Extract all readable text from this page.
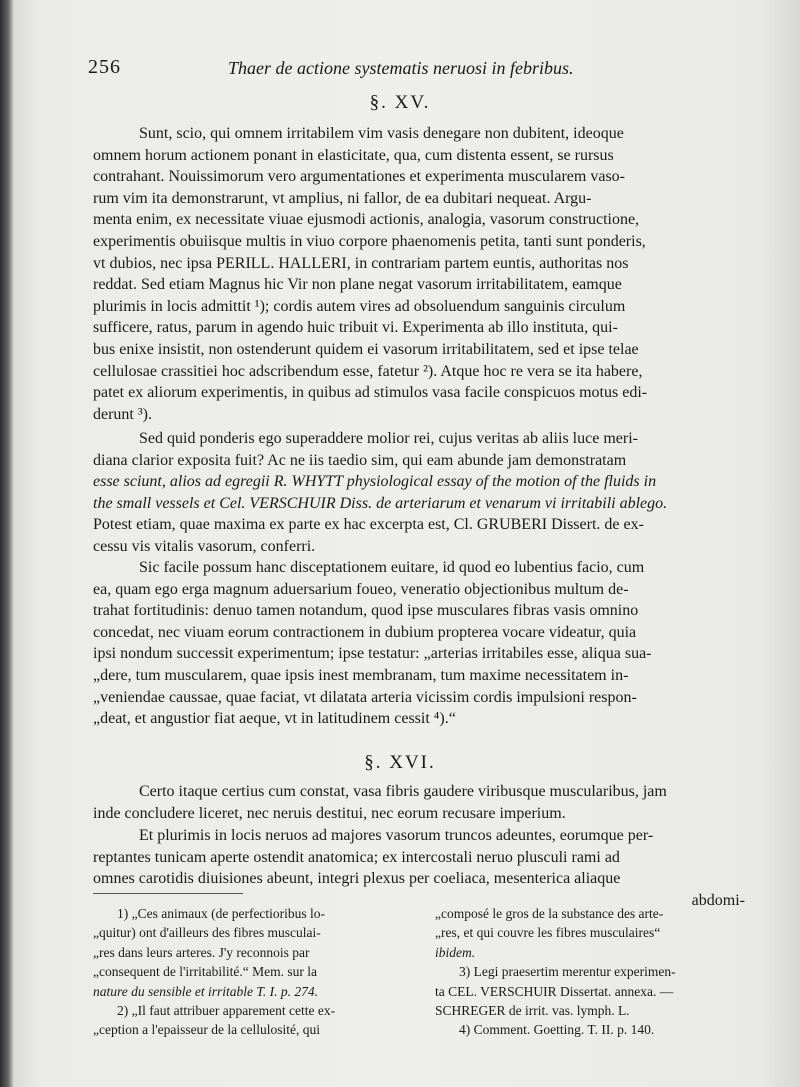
256	Thaer de actione systematis neruosi in febribus.
§. XV.
Sunt, scio, qui omnem irritabilem vim vasis denegare non dubitent, ideoque
omnem horum actionem ponant in elasticitate, qua, cum distenta essent, se rursus
contrahant. Nouissimorum vero argumentationes et experimenta muscularem vaso-
rum vim ita demonstrarunt, vt amplius, ni fallor, de ea dubitari nequeat. Argu-
menta enim, ex necessitate viuae ejusmodi actionis, analogia, vasorum constructione,
experimentis obuiisque multis in viuo corpore phaenomenis petita, tanti sunt ponderis,
vt dubios, nec ipsa PERILL. HALLERI, in contrariam partem euntis, authoritas nos
reddat. Sed etiam Magnus hic Vir non plane negat vasorum irritabilitatem, eamque
plurimis in locis admittit ¹); cordis autem vires ad obsoluendum sanguinis circulum
sufficere, ratus, parum in agendo huic tribuit vi. Experimenta ab illo instituta, qui-
bus enixe insistit, non ostenderunt quidem ei vasorum irritabilitatem, sed et ipse telae
cellulosae crassitiei hoc adscribendum esse, fatetur ²). Atque hoc re vera se ita habere,
patet ex aliorum experimentis, in quibus ad stimulos vasa facile conspicuos motus edi-
derunt ³).
Sed quid ponderis ego superaddere molior rei, cujus veritas ab aliis luce meri-
diana clarior exposita fuit? Ac ne iis taedio sim, qui eam abunde jam demonstratam
esse sciunt, alios ad egregii R. WHYTT physiological essay of the motion of the fluids in
the small vessels et Cel. VERSCHUIR Diss. de arteriarum et venarum vi irritabili ablego.
Potest etiam, quae maxima ex parte ex hac excerpta est, Cl. GRUBERI Dissert. de ex-
cessu vis vitalis vasorum, conferri.
Sic facile possum hanc disceptationem euitare, id quod eo lubentius facio, cum
ea, quam ego erga magnum aduersarium foueo, veneratio objectionibus multum de-
trahat fortitudinis: denuo tamen notandum, quod ipse musculares fibras vasis omnino
concedat, nec viuam eorum contractionem in dubium propterea vocare videatur, quia
ipsi nondum successit experimentum; ipse testatur: „arterias irritabiles esse, aliqua sua-
„dere, tum muscularem, quae ipsis inest membranam, tum maxime necessitatem in-
„veniendae caussae, quae faciat, vt dilatata arteria vicissim cordis impulsioni respon-
„deat, et angustior fiat aeque, vt in latitudinem cessit ⁴).“
§. XVI.
Certo itaque certius cum constat, vasa fibris gaudere viribusque muscularibus, jam
inde concludere liceret, nec neruis destitui, nec eorum recusare imperium.
Et plurimis in locis neruos ad majores vasorum truncos adeuntes, eorumque per-
reptantes tunicam aperte ostendit anatomica; ex intercostali neruo plusculi rami ad
omnes carotidis diuisiones abeunt, integri plexus per coeliaca, mesenterica aliaque
abdomi-
1) „Ces animaux (de perfectioribus lo-
„quitur) ont d'ailleurs des fibres musculai-
„res dans leurs arteres. J'y reconnois par
„consequent de l'irritabilité.“ Mem. sur la
nature du sensible et irritable T. I. p. 274.
2) „Il faut attribuer apparement cette ex-
„ception a l'epaisseur de la cellulosité, qui
„composé le gros de la substance des arte-
„res, et qui couvre les fibres musculaires“
ibidem.
3) Legi praesertim merentur experimen-
ta CEL. VERSCHUIR Dissertat. annexa. —
SCHREGER de irrit. vas. lymph. L.
4) Comment. Goetting. T. II. p. 140.
